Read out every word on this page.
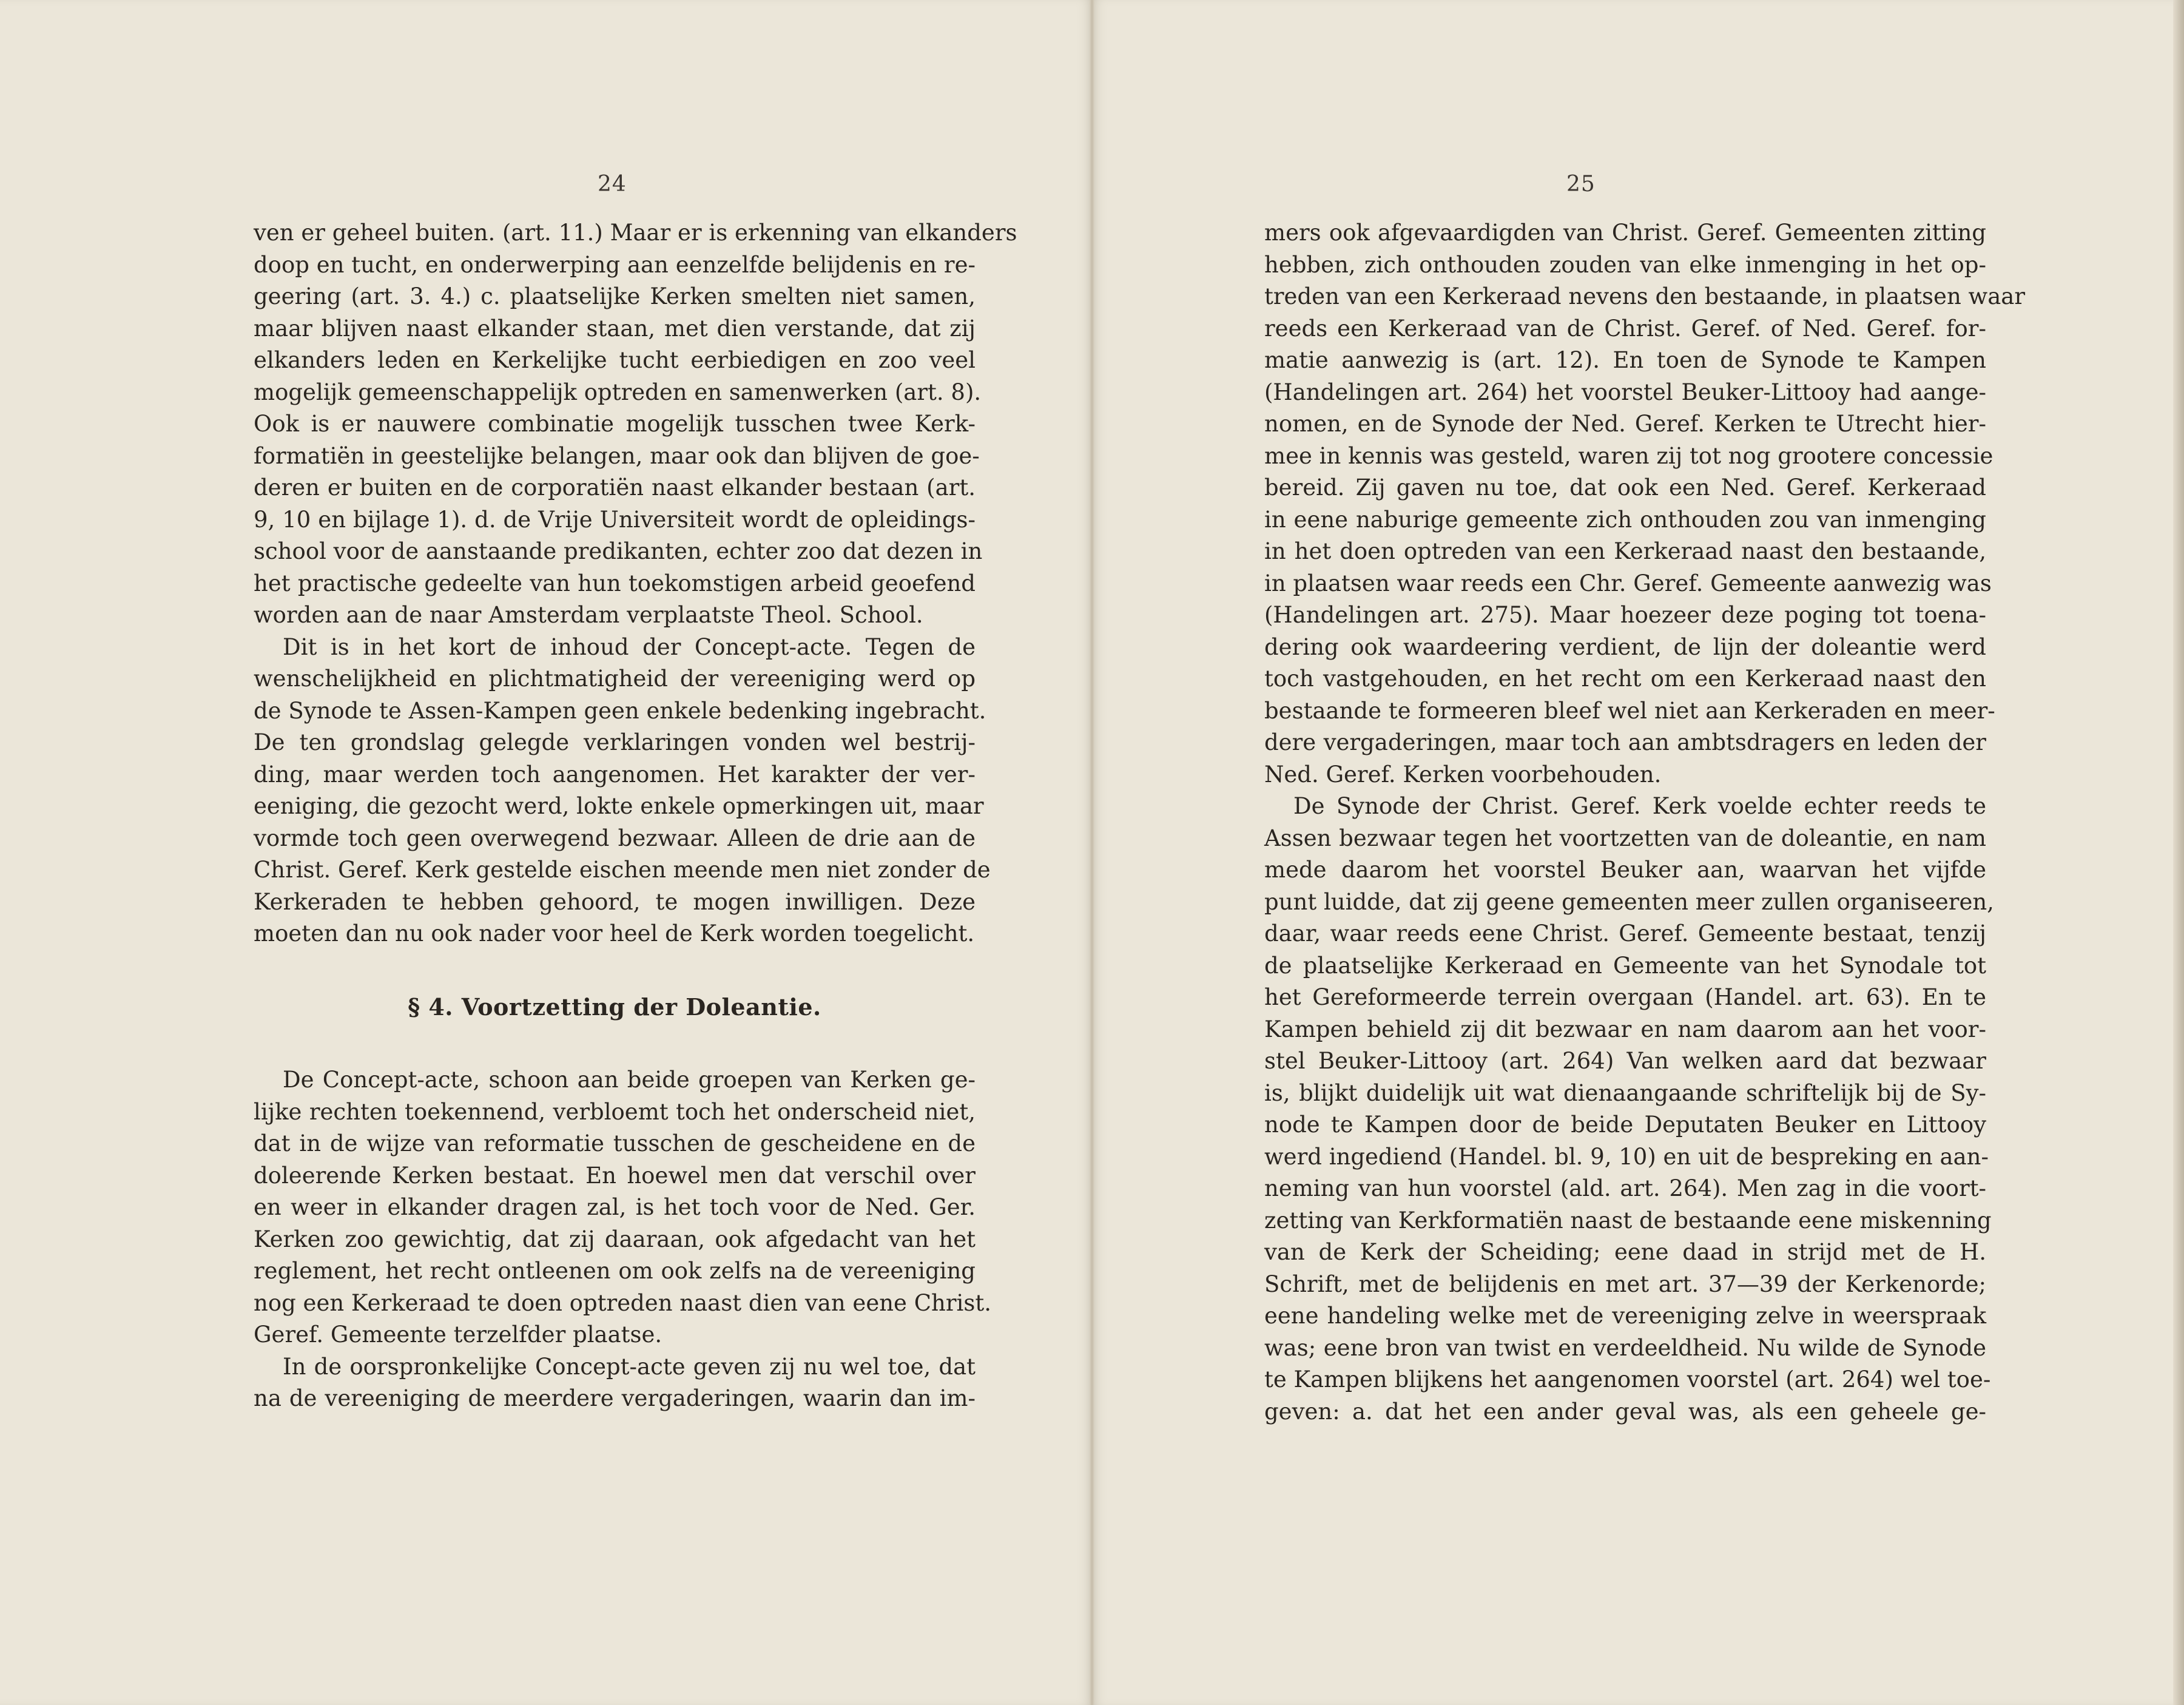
24
ven er geheel buiten. (art. 11.) Maar er is erkenning van elkanders
doop en tucht, en onderwerping aan eenzelfde belijdenis en re-
geering (art. 3. 4.) c. plaatselijke Kerken smelten niet samen,
maar blijven naast elkander staan, met dien verstande, dat zij
elkanders leden en Kerkelijke tucht eerbiedigen en zoo veel
mogelijk gemeenschappelijk optreden en samenwerken (art. 8).
Ook is er nauwere combinatie mogelijk tusschen twee Kerk-
formatiën in geestelijke belangen, maar ook dan blijven de goe-
deren er buiten en de corporatiën naast elkander bestaan (art.
9, 10 en bijlage 1). d. de Vrije Universiteit wordt de opleidings-
school voor de aanstaande predikanten, echter zoo dat dezen in
het practische gedeelte van hun toekomstigen arbeid geoefend
worden aan de naar Amsterdam verplaatste Theol. School.
Dit is in het kort de inhoud der Concept-acte. Tegen de
wenschelijkheid en plichtmatigheid der vereeniging werd op
de Synode te Assen-Kampen geen enkele bedenking ingebracht.
De ten grondslag gelegde verklaringen vonden wel bestrij-
ding, maar werden toch aangenomen. Het karakter der ver-
eeniging, die gezocht werd, lokte enkele opmerkingen uit, maar
vormde toch geen overwegend bezwaar. Alleen de drie aan de
Christ. Geref. Kerk gestelde eischen meende men niet zonder de
Kerkeraden te hebben gehoord, te mogen inwilligen. Deze
moeten dan nu ook nader voor heel de Kerk worden toegelicht.
§ 4. Voortzetting der Doleantie.
De Concept-acte, schoon aan beide groepen van Kerken ge-
lijke rechten toekennend, verbloemt toch het onderscheid niet,
dat in de wijze van reformatie tusschen de gescheidene en de
doleerende Kerken bestaat. En hoewel men dat verschil over
en weer in elkander dragen zal, is het toch voor de Ned. Ger.
Kerken zoo gewichtig, dat zij daaraan, ook afgedacht van het
reglement, het recht ontleenen om ook zelfs na de vereeniging
nog een Kerkeraad te doen optreden naast dien van eene Christ.
Geref. Gemeente terzelfder plaatse.
In de oorspronkelijke Concept-acte geven zij nu wel toe, dat
na de vereeniging de meerdere vergaderingen, waarin dan im-
25
mers ook afgevaardigden van Christ. Geref. Gemeenten zitting
hebben, zich onthouden zouden van elke inmenging in het op-
treden van een Kerkeraad nevens den bestaande, in plaatsen waar
reeds een Kerkeraad van de Christ. Geref. of Ned. Geref. for-
matie aanwezig is (art. 12). En toen de Synode te Kampen
(Handelingen art. 264) het voorstel Beuker-Littooy had aange-
nomen, en de Synode der Ned. Geref. Kerken te Utrecht hier-
mee in kennis was gesteld, waren zij tot nog grootere concessie
bereid. Zij gaven nu toe, dat ook een Ned. Geref. Kerkeraad
in eene naburige gemeente zich onthouden zou van inmenging
in het doen optreden van een Kerkeraad naast den bestaande,
in plaatsen waar reeds een Chr. Geref. Gemeente aanwezig was
(Handelingen art. 275). Maar hoezeer deze poging tot toena-
dering ook waardeering verdient, de lijn der doleantie werd
toch vastgehouden, en het recht om een Kerkeraad naast den
bestaande te formeeren bleef wel niet aan Kerkeraden en meer-
dere vergaderingen, maar toch aan ambtsdragers en leden der
Ned. Geref. Kerken voorbehouden.
De Synode der Christ. Geref. Kerk voelde echter reeds te
Assen bezwaar tegen het voortzetten van de doleantie, en nam
mede daarom het voorstel Beuker aan, waarvan het vijfde
punt luidde, dat zij geene gemeenten meer zullen organiseeren,
daar, waar reeds eene Christ. Geref. Gemeente bestaat, tenzij
de plaatselijke Kerkeraad en Gemeente van het Synodale tot
het Gereformeerde terrein overgaan (Handel. art. 63). En te
Kampen behield zij dit bezwaar en nam daarom aan het voor-
stel Beuker-Littooy (art. 264) Van welken aard dat bezwaar
is, blijkt duidelijk uit wat dienaangaande schriftelijk bij de Sy-
node te Kampen door de beide Deputaten Beuker en Littooy
werd ingediend (Handel. bl. 9, 10) en uit de bespreking en aan-
neming van hun voorstel (ald. art. 264). Men zag in die voort-
zetting van Kerkformatiën naast de bestaande eene miskenning
van de Kerk der Scheiding; eene daad in strijd met de H.
Schrift, met de belijdenis en met art. 37—39 der Kerkenorde;
eene handeling welke met de vereeniging zelve in weerspraak
was; eene bron van twist en verdeeldheid. Nu wilde de Synode
te Kampen blijkens het aangenomen voorstel (art. 264) wel toe-
geven: a. dat het een ander geval was, als een geheele ge-
